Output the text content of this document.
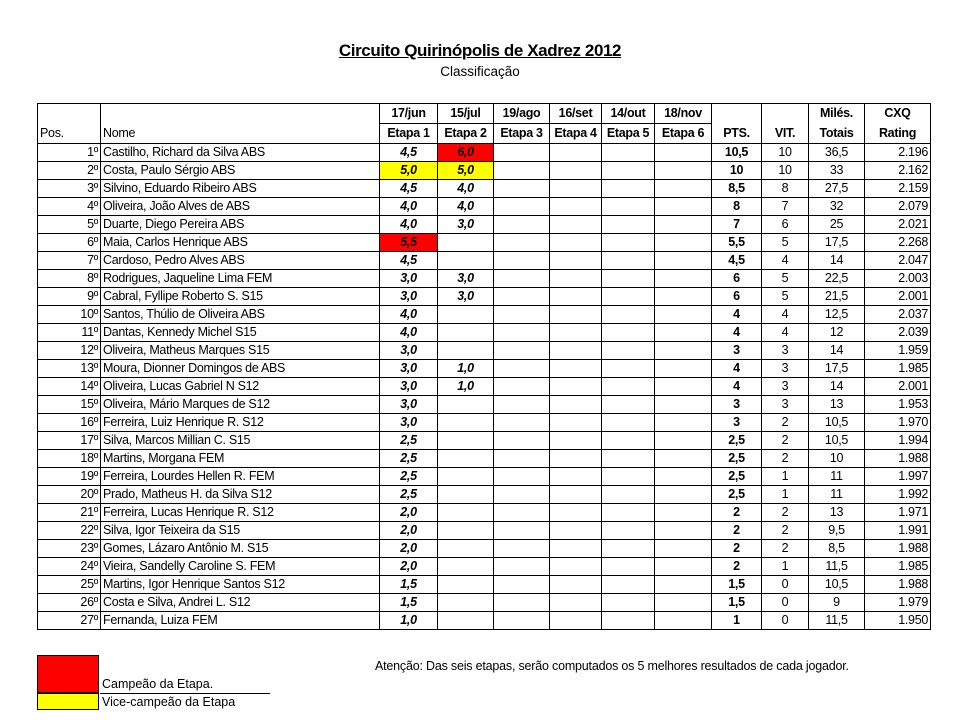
Circuito Quirinópolis de Xadrez 2012
Classificação
		17/jun	15/jul	19/ago	16/set	14/out	18/nov			Milés.	CXQ
Pos.	Nome	Etapa 1	Etapa 2	Etapa 3	Etapa 4	Etapa 5	Etapa 6	PTS.	VIT.	Totais	Rating
1º	Castilho, Richard da Silva ABS	4,5	6,0					10,5	10	36,5	2.196
2º	Costa, Paulo Sérgio ABS	5,0	5,0					10	10	33	2.162
3º	Silvino, Eduardo Ribeiro ABS	4,5	4,0					8,5	8	27,5	2.159
4º	Oliveira, João Alves de ABS	4,0	4,0					8	7	32	2.079
5º	Duarte, Diego Pereira ABS	4,0	3,0					7	6	25	2.021
6º	Maia, Carlos Henrique ABS	5,5						5,5	5	17,5	2.268
7º	Cardoso, Pedro Alves ABS	4,5						4,5	4	14	2.047
8º	Rodrigues, Jaqueline Lima FEM	3,0	3,0					6	5	22,5	2.003
9º	Cabral, Fyllipe Roberto S. S15	3,0	3,0					6	5	21,5	2.001
10º	Santos, Thúlio de Oliveira ABS	4,0						4	4	12,5	2.037
11º	Dantas, Kennedy Michel S15	4,0						4	4	12	2.039
12º	Oliveira, Matheus Marques S15	3,0						3	3	14	1.959
13º	Moura, Dionner Domingos de ABS	3,0	1,0					4	3	17,5	1.985
14º	Oliveira, Lucas Gabriel N S12	3,0	1,0					4	3	14	2.001
15º	Oliveira, Mário Marques de S12	3,0						3	3	13	1.953
16º	Ferreira, Luiz Henrique R. S12	3,0						3	2	10,5	1.970
17º	Silva, Marcos Millian C. S15	2,5						2,5	2	10,5	1.994
18º	Martins, Morgana FEM	2,5						2,5	2	10	1.988
19º	Ferreira, Lourdes Hellen R. FEM	2,5						2,5	1	11	1.997
20º	Prado, Matheus H. da Silva S12	2,5						2,5	1	11	1.992
21º	Ferreira, Lucas Henrique R. S12	2,0						2	2	13	1.971
22º	Silva, Igor Teixeira da S15	2,0						2	2	9,5	1.991
23º	Gomes, Lázaro Antônio M. S15	2,0						2	2	8,5	1.988
24º	Vieira, Sandelly Caroline S. FEM	2,0						2	1	11,5	1.985
25º	Martins, Igor Henrique Santos S12	1,5						1,5	0	10,5	1.988
26º	Costa e Silva, Andrei L. S12	1,5						1,5	0	9	1.979
27º	Fernanda, Luiza FEM	1,0						1	0	11,5	1.950
Campeão da Etapa.
Vice-campeão da Etapa
Atenção: Das seis etapas, serão computados os 5 melhores resultados de cada jogador.
